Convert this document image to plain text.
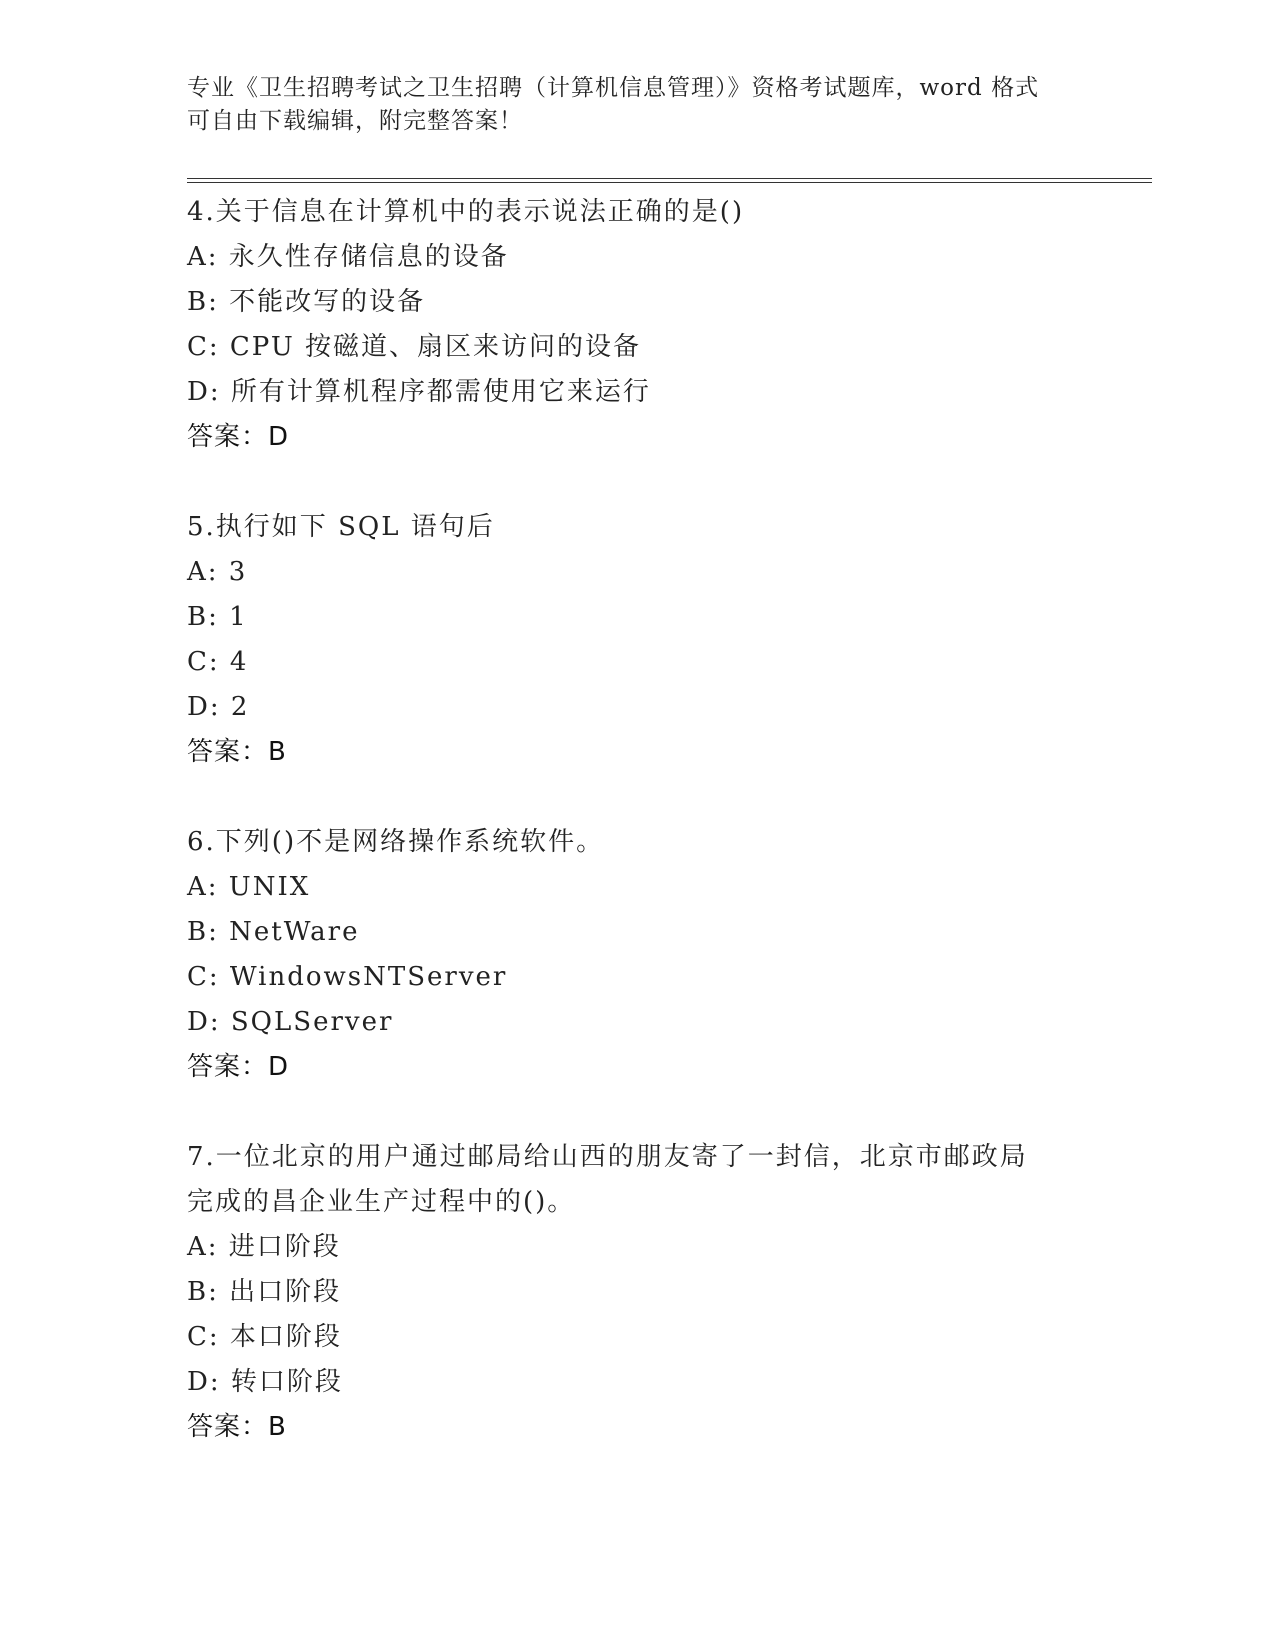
专业《卫生招聘考试之卫生招聘（计算机信息管理）》资格考试题库，word 格式
可自由下载编辑，附完整答案！
4.关于信息在计算机中的表示说法正确的是()
A: 永久性存储信息的设备
B: 不能改写的设备
C: CPU 按磁道、扇区来访问的设备
D: 所有计算机程序都需使用它来运行
答案：D
5.执行如下 SQL 语句后
A: 3
B: 1
C: 4
D: 2
答案：B
6.下列()不是网络操作系统软件。
A: UNIX
B: NetWare
C: WindowsNTServer
D: SQLServer
答案：D
7.一位北京的用户通过邮局给山西的朋友寄了一封信，北京市邮政局
完成的昌企业生产过程中的()。
A: 进口阶段
B: 出口阶段
C: 本口阶段
D: 转口阶段
答案：B
